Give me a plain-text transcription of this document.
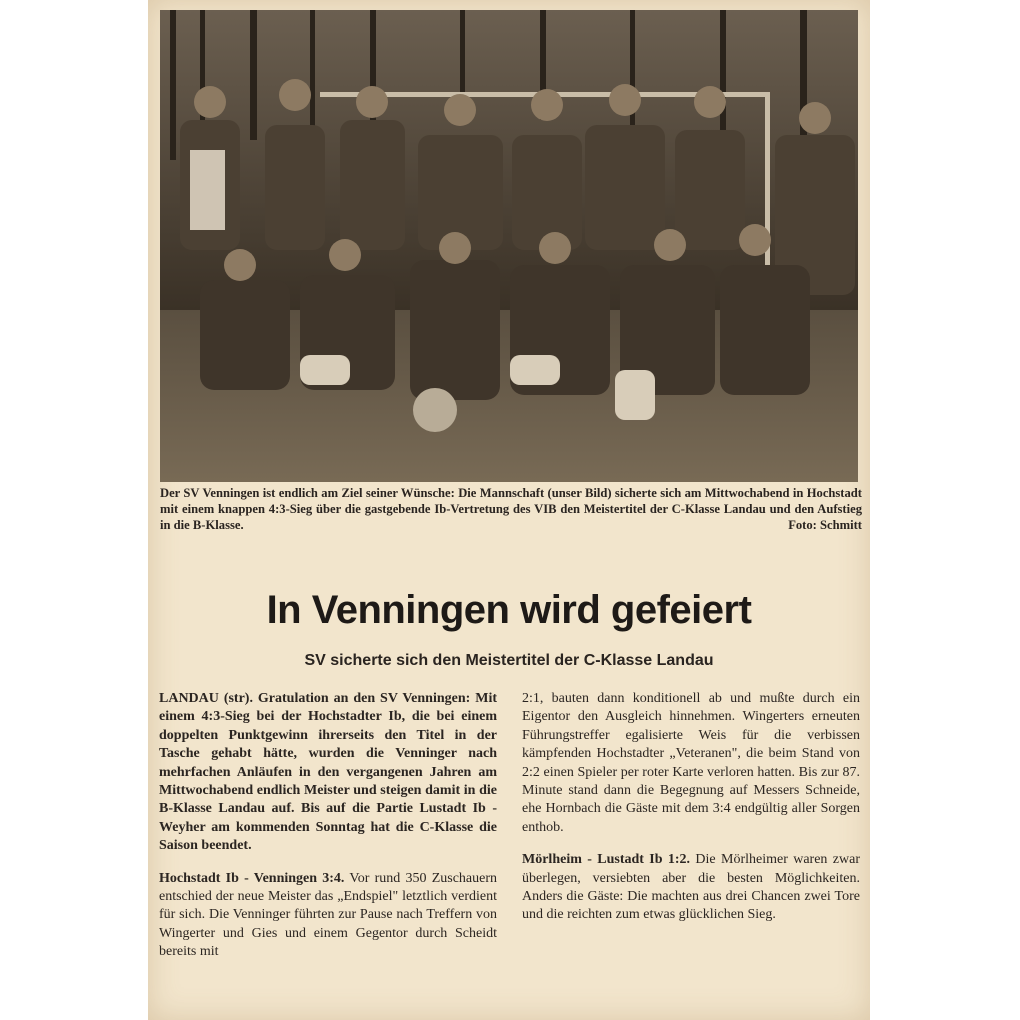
Der SV Venningen ist endlich am Ziel seiner Wünsche: Die Mannschaft (unser Bild) sicherte sich am Mittwochabend in Hochstadt mit einem knappen 4:3-Sieg über die gastgebende Ib-Vertretung des VIB den Meistertitel der C-Klasse Landau und den Aufstieg in die B-Klasse.	Foto: Schmitt
In Venningen wird gefeiert
SV sicherte sich den Meistertitel der C-Klasse Landau

LANDAU (str). Gratulation an den SV Venningen: Mit einem 4:3-Sieg bei der Hochstadter Ib, die bei einem doppelten Punktgewinn ihrerseits den Titel in der Tasche gehabt hätte, wurden die Venninger nach mehrfachen Anläufen in den vergangenen Jahren am Mittwochabend endlich Meister und steigen damit in die B-Klasse Landau auf. Bis auf die Partie Lustadt Ib - Weyher am kommenden Sonntag hat die C-Klasse die Saison beendet.

Hochstadt Ib - Venningen 3:4. Vor rund 350 Zuschauern entschied der neue Meister das „Endspiel" letztlich verdient für sich. Die Venninger führten zur Pause nach Treffern von Wingerter und Gies und einem Gegentor durch Scheidt bereits mit

2:1, bauten dann konditionell ab und mußte durch ein Eigentor den Ausgleich hinnehmen. Wingerters erneuten Führungstreffer egalisierte Weis für die verbissen kämpfenden Hochstadter „Veteranen", die beim Stand von 2:2 einen Spieler per roter Karte verloren hatten. Bis zur 87. Minute stand dann die Begegnung auf Messers Schneide, ehe Hornbach die Gäste mit dem 3:4 endgültig aller Sorgen enthob.

Mörlheim - Lustadt Ib 1:2. Die Mörlheimer waren zwar überlegen, versiebten aber die besten Möglichkeiten. Anders die Gäste: Die machten aus drei Chancen zwei Tore und die reichten zum etwas glücklichen Sieg.
